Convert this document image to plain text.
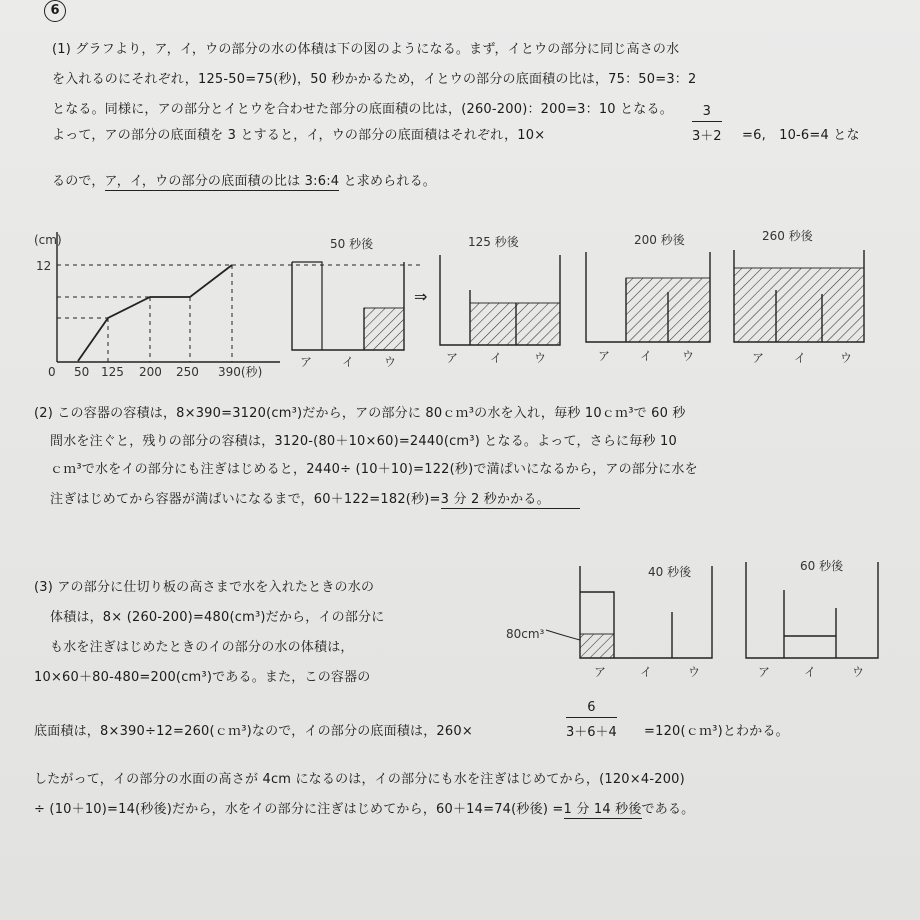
6
(1) グラフより，ア，イ，ウの部分の水の体積は下の図のようになる。まず，イとウの部分に同じ高さの水
を入れるのにそれぞれ，125-50=75(秒)，50 秒かかるため，イとウの部分の底面積の比は，75：50=3：2
となる。同様に，アの部分とイとウを合わせた部分の底面積の比は，(260-200)：200=3：10 となる。
よって，アの部分の底面積を 3 とすると，イ，ウの部分の底面積はそれぞれ，10×	$\frac{3}{3+2} =6$,　10-6=4 とな
るので，ア，イ，ウの部分の底面積の比は 3:6:4 と求められる。
(cm)
12
0 50 125 200 250 390(秒)
50 秒後
ア イ ウ
⇒
125 秒後
ア	イ	ウ
200 秒後
ア イ ウ
260 秒後
ア イ	ウ
80cm³
40 秒後
ア	イ	ウ
60 秒後
ア	イ	ウ
(2) この容器の容積は，8×390=3120(cm³)だから，アの部分に 80ｃｍ³の水を入れ，毎秒 10ｃｍ³で 60 秒
間水を注ぐと，残りの部分の容積は，3120-(80＋10×60)=2440(cm³) となる。よって，さらに毎秒 10
ｃｍ³で水をイの部分にも注ぎはじめると，2440÷ (10＋10)=122(秒)で満ぱいになるから，アの部分に水を
注ぎはじめてから容器が満ぱいになるまで，60＋122=182(秒)=3 分 2 秒かかる。
(3) アの部分に仕切り板の高さまで水を入れたときの水の
体積は，8× (260-200)=480(cm³)だから，イの部分に
も水を注ぎはじめたときのイの部分の水の体積は，
10×60＋80-480=200(cm³)である。また，この容器の
底面積は，8×390÷12=260(ｃｍ³)なので，イの部分の底面積は，260×	$\frac{6}{3+6+4}$ =120(ｃｍ³)とわかる。
したがって，イの部分の水面の高さが 4cm になるのは，イの部分にも水を注ぎはじめてから，(120×4-200)
÷ (10＋10)=14(秒後)だから，水をイの部分に注ぎはじめてから，60＋14=74(秒後) =1 分 14 秒後である。
